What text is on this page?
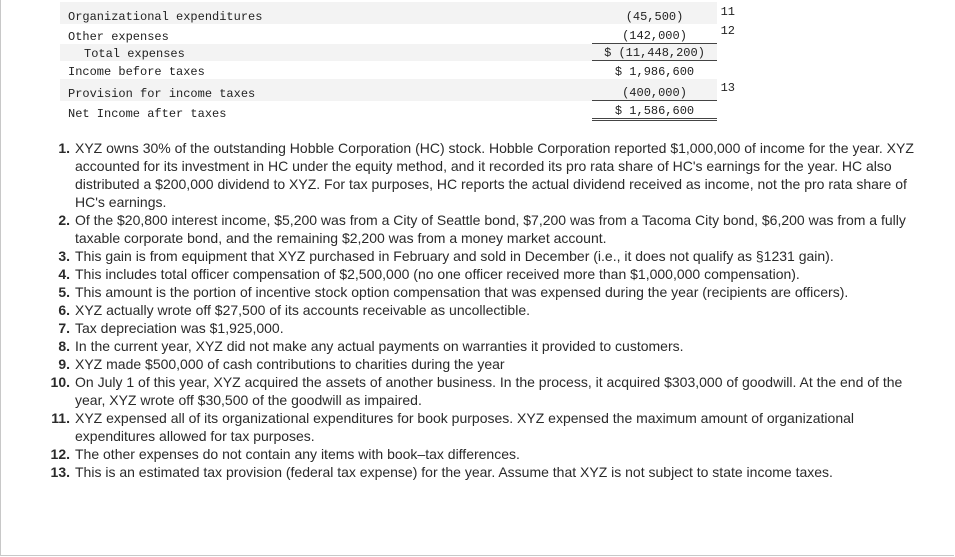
Organizational expenditures	(45,500)	11
Other expenses	(142,000)	12
Total expenses	$ (11,448,200)
Income before taxes	$ 1,986,600
Provision for income taxes	(400,000)	13
Net Income after taxes	$ 1,586,600
1. XYZ owns 30% of the outstanding Hobble Corporation (HC) stock. Hobble Corporation reported $1,000,000 of income for the year. XYZ accounted for its investment in HC under the equity method, and it recorded its pro rata share of HC's earnings for the year. HC also distributed a $200,000 dividend to XYZ. For tax purposes, HC reports the actual dividend received as income, not the pro rata share of HC's earnings.
2. Of the $20,800 interest income, $5,200 was from a City of Seattle bond, $7,200 was from a Tacoma City bond, $6,200 was from a fully taxable corporate bond, and the remaining $2,200 was from a money market account.
3. This gain is from equipment that XYZ purchased in February and sold in December (i.e., it does not qualify as §1231 gain).
4. This includes total officer compensation of $2,500,000 (no one officer received more than $1,000,000 compensation).
5. This amount is the portion of incentive stock option compensation that was expensed during the year (recipients are officers).
6. XYZ actually wrote off $27,500 of its accounts receivable as uncollectible.
7. Tax depreciation was $1,925,000.
8. In the current year, XYZ did not make any actual payments on warranties it provided to customers.
9. XYZ made $500,000 of cash contributions to charities during the year
10. On July 1 of this year, XYZ acquired the assets of another business. In the process, it acquired $303,000 of goodwill. At the end of the year, XYZ wrote off $30,500 of the goodwill as impaired.
11. XYZ expensed all of its organizational expenditures for book purposes. XYZ expensed the maximum amount of organizational expenditures allowed for tax purposes.
12. The other expenses do not contain any items with book–tax differences.
13. This is an estimated tax provision (federal tax expense) for the year. Assume that XYZ is not subject to state income taxes.
